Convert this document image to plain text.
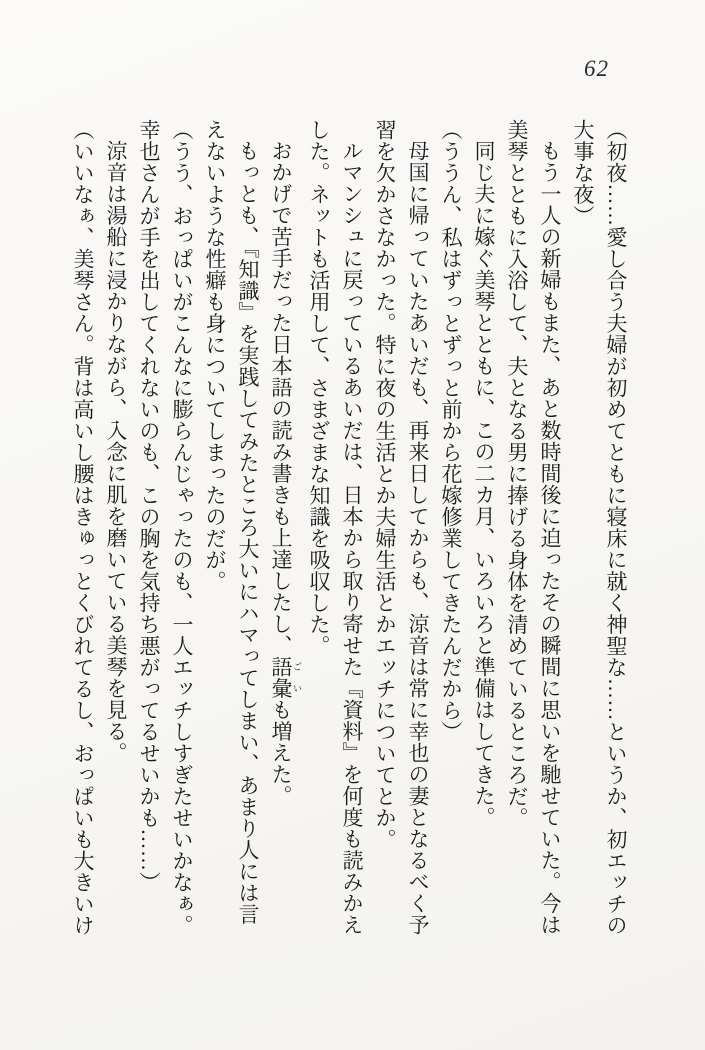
62

（初夜……愛し合う夫婦が初めてともに寝床に就く神聖な……というか、初エッチの大事な夜）

もう一人の新婦もまた、あと数時間後に迫ったその瞬間に思いを馳せていた。今は美琴とともに入浴して、夫となる男に捧げる身体を清めているところだ。

同じ夫に嫁ぐ美琴とともに、この二カ月、いろいろと準備はしてきた。

（ううん、私はずっとずっと前から花嫁修業してきたんだから）

母国に帰っていたあいだも、再来日してからも、涼音は常に幸也の妻となるべく予習を欠かさなかった。特に夜の生活とか夫婦生活とかエッチについてとか。

ルマンシュに戻っているあいだは、日本から取り寄せた『資料』を何度も読みかえした。ネットも活用して、さまざまな知識を吸収した。

おかげで苦手だった日本語の読み書きも上達したし、語彙 ごいも増えた。

もっとも、『知識』を実践してみたところ大いにハマってしまい、あまり人には言えないような性癖も身についてしまったのだが。

（うう、おっぱいがこんなに膨らんじゃったのも、一人エッチしすぎたせいかなぁ。幸也さんが手を出してくれないのも、この胸を気持ち悪がってるせいかも……）

涼音は湯船に浸かりながら、入念に肌を磨いている美琴を見る。

（いいなぁ、美琴さん。背は高いし腰はきゅっとくびれてるし、おっぱいも大きいけ
